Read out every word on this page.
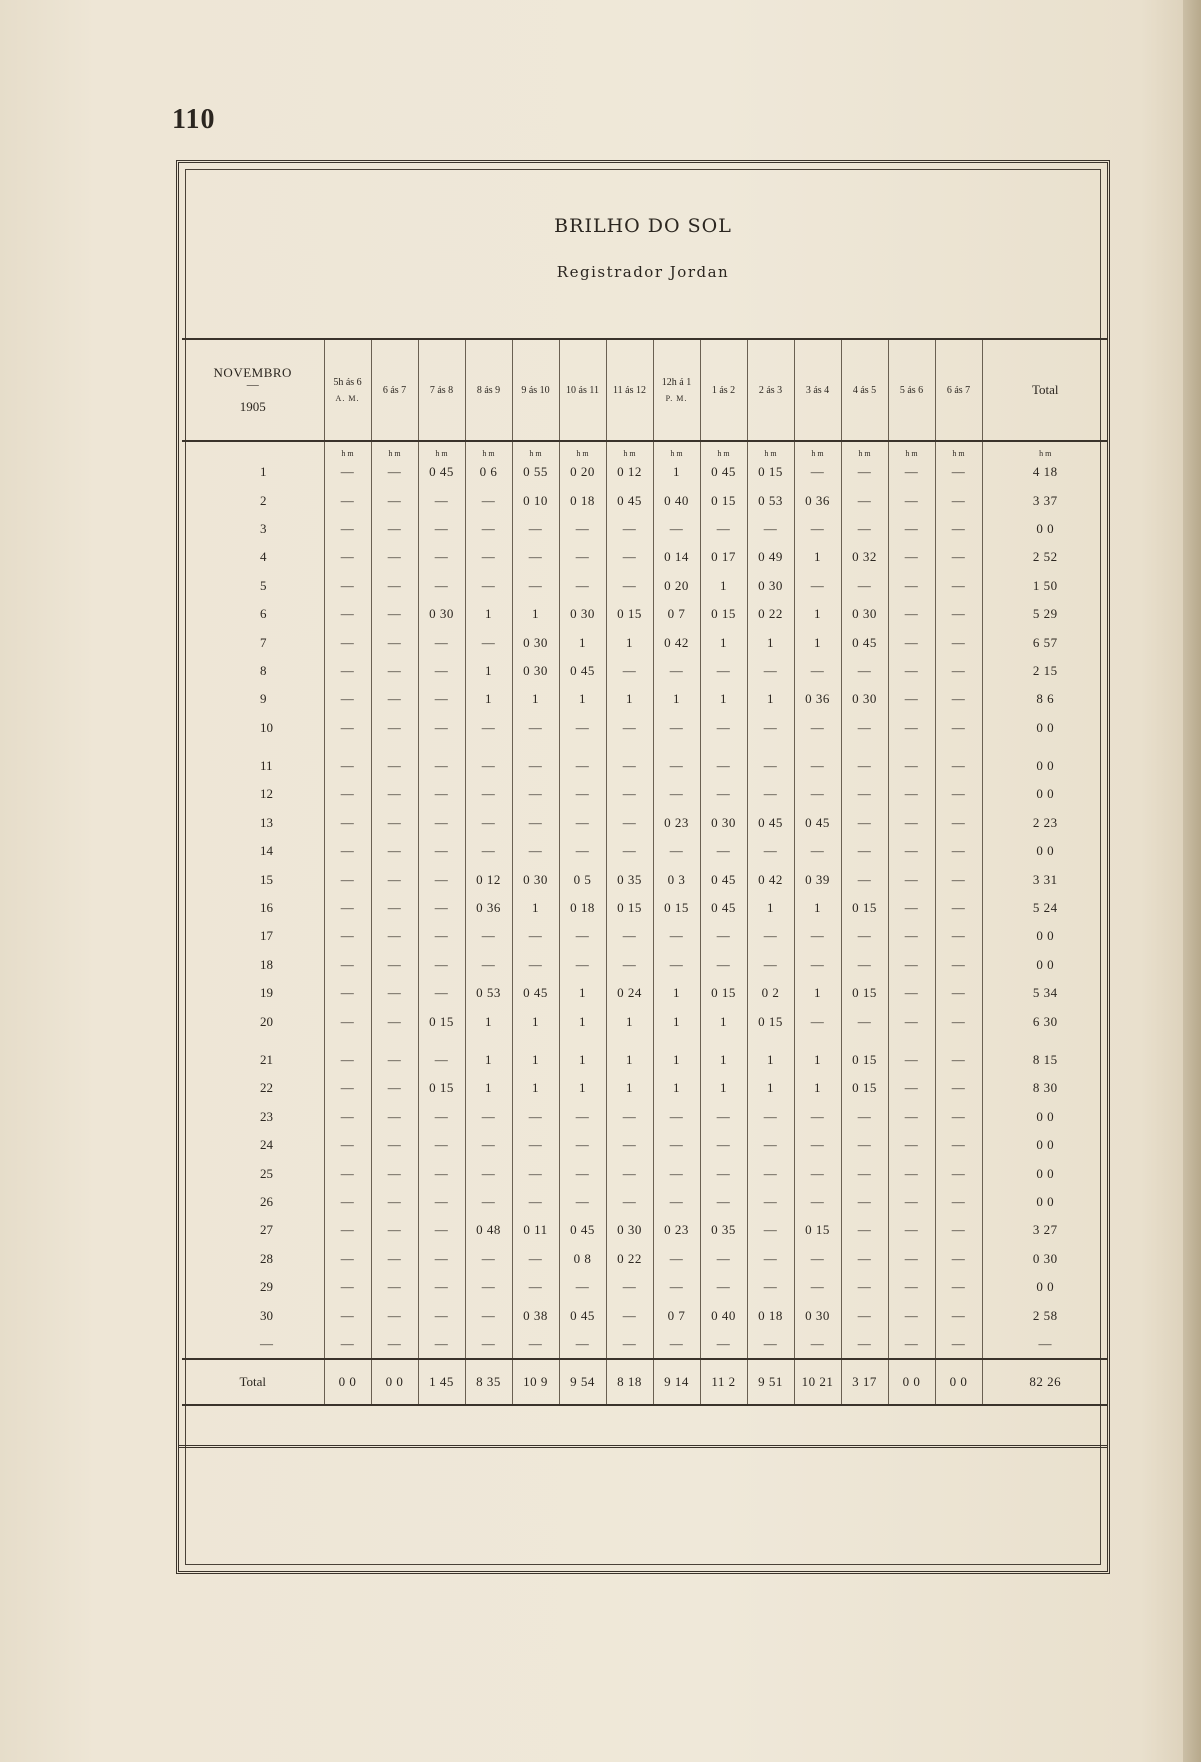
110
BRILHO DO SOL
Registrador Jordan
NOVEMBRO
—
1905	5h ás 6
A. M.	6 ás 7	7 ás 8	8 ás 9	9 ás 10	10 ás 11	11 ás 12	12h á 1
P. M.	1 ás 2	2 ás 3	3 ás 4	4 ás 5	5 ás 6	6 ás 7	Total
	h m	h m	h m	h m	h m	h m	h m	h m	h m	h m	h m	h m	h m	h m	h m
1	—	—	0 45	0 6	0 55	0 20	0 12	1	0 45	0 15	—	—	—	—	4 18
2	—	—	—	—	0 10	0 18	0 45	0 40	0 15	0 53	0 36	—	—	—	3 37
3	—	—	—	—	—	—	—	—	—	—	—	—	—	—	0 0
4	—	—	—	—	—	—	—	0 14	0 17	0 49	1	0 32	—	—	2 52
5	—	—	—	—	—	—	—	0 20	1	0 30	—	—	—	—	1 50
6	—	—	0 30	1	1	0 30	0 15	0 7	0 15	0 22	1	0 30	—	—	5 29
7	—	—	—	—	0 30	1	1	0 42	1	1	1	0 45	—	—	6 57
8	—	—	—	1	0 30	0 45	—	—	—	—	—	—	—	—	2 15
9	—	—	—	1	1	1	1	1	1	1	0 36	0 30	—	—	8 6
10	—	—	—	—	—	—	—	—	—	—	—	—	—	—	0 0

11	—	—	—	—	—	—	—	—	—	—	—	—	—	—	0 0
12	—	—	—	—	—	—	—	—	—	—	—	—	—	—	0 0
13	—	—	—	—	—	—	—	0 23	0 30	0 45	0 45	—	—	—	2 23
14	—	—	—	—	—	—	—	—	—	—	—	—	—	—	0 0
15	—	—	—	0 12	0 30	0 5	0 35	0 3	0 45	0 42	0 39	—	—	—	3 31
16	—	—	—	0 36	1	0 18	0 15	0 15	0 45	1	1	0 15	—	—	5 24
17	—	—	—	—	—	—	—	—	—	—	—	—	—	—	0 0
18	—	—	—	—	—	—	—	—	—	—	—	—	—	—	0 0
19	—	—	—	0 53	0 45	1	0 24	1	0 15	0 2	1	0 15	—	—	5 34
20	—	—	0 15	1	1	1	1	1	1	0 15	—	—	—	—	6 30

21	—	—	—	1	1	1	1	1	1	1	1	0 15	—	—	8 15
22	—	—	0 15	1	1	1	1	1	1	1	1	0 15	—	—	8 30
23	—	—	—	—	—	—	—	—	—	—	—	—	—	—	0 0
24	—	—	—	—	—	—	—	—	—	—	—	—	—	—	0 0
25	—	—	—	—	—	—	—	—	—	—	—	—	—	—	0 0
26	—	—	—	—	—	—	—	—	—	—	—	—	—	—	0 0
27	—	—	—	0 48	0 11	0 45	0 30	0 23	0 35	—	0 15	—	—	—	3 27
28	—	—	—	—	—	0 8	0 22	—	—	—	—	—	—	—	0 30
29	—	—	—	—	—	—	—	—	—	—	—	—	—	—	0 0
30	—	—	—	—	0 38	0 45	—	0 7	0 40	0 18	0 30	—	—	—	2 58
—	—	—	—	—	—	—	—	—	—	—	—	—	—	—	—
Total	0 0	0 0	1 45	8 35	10 9	9 54	8 18	9 14	11 2	9 51	10 21	3 17	0 0	0 0	82 26
